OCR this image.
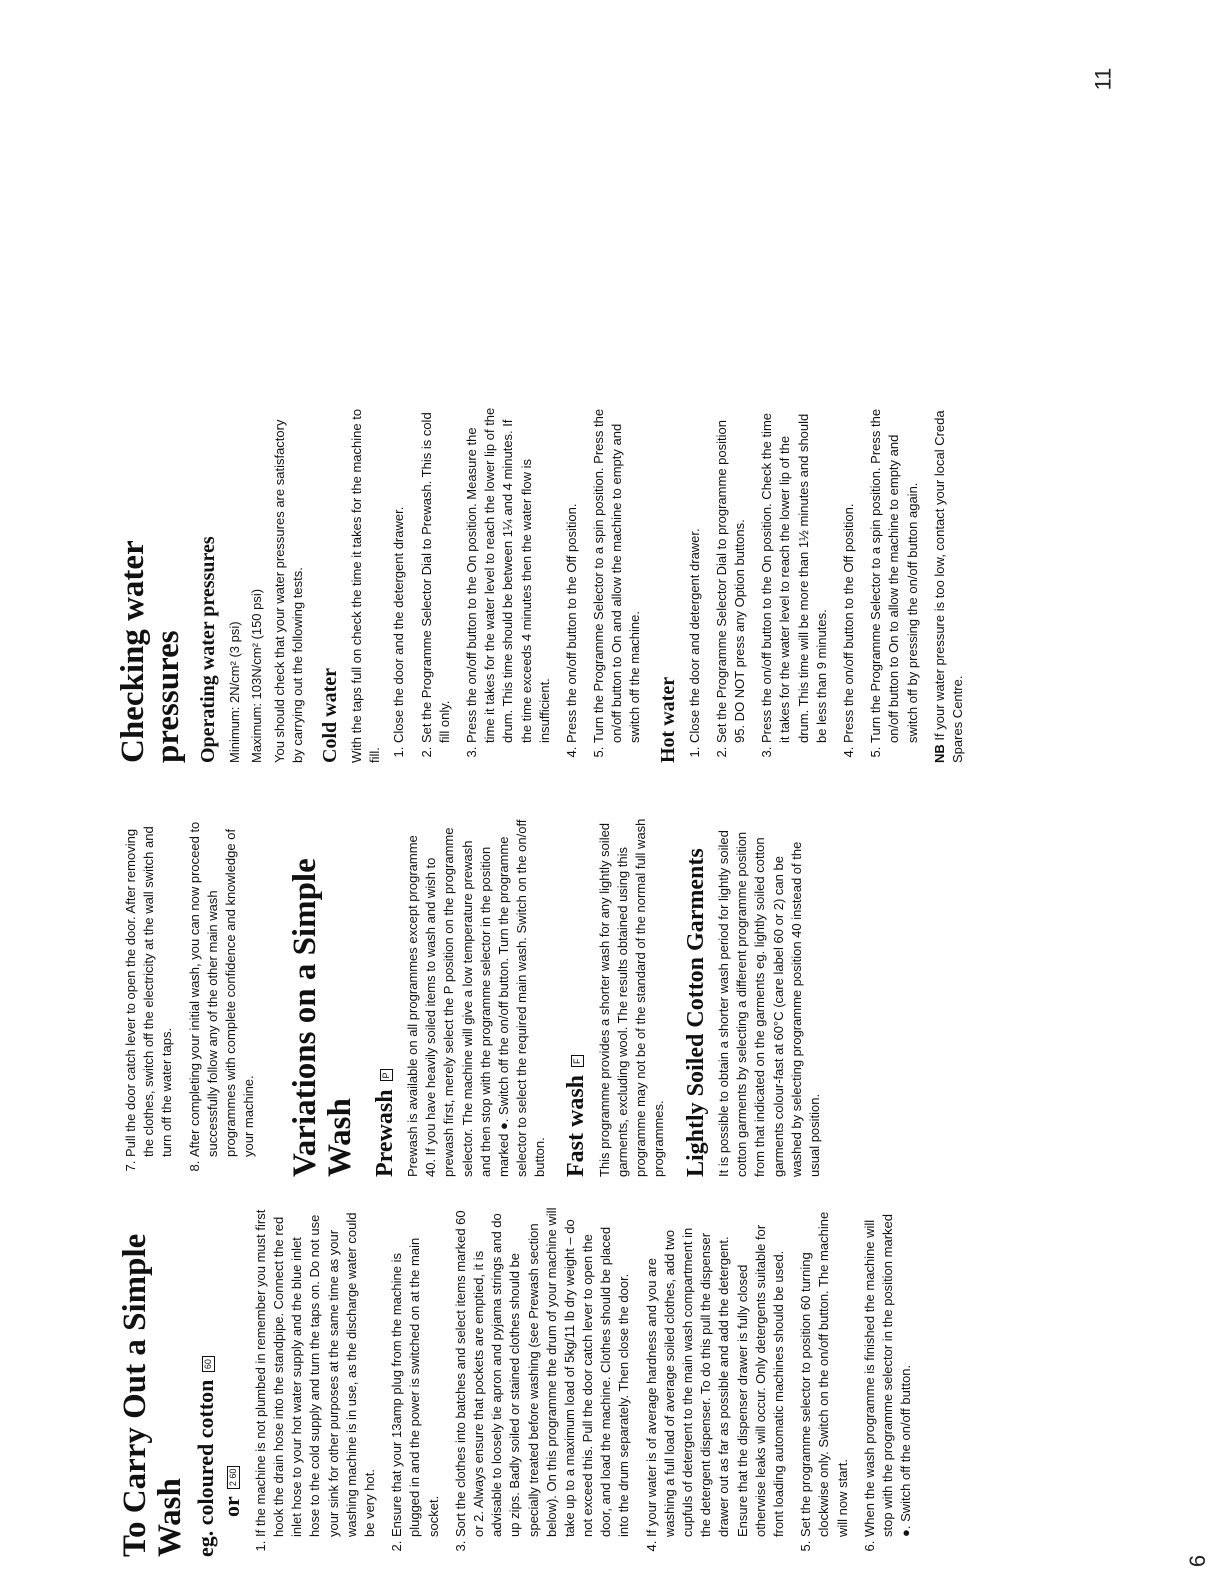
6
11
To Carry Out a Simple Wash eg. coloured cotton 60
or 2 60	1. If the machine is not plumbed in remember you must first hook the drain hose into the standpipe. Connect the red inlet hose to your hot water supply and the blue inlet hose to the cold supply and turn the taps on. Do not use your sink for other purposes at the same time as your washing machine is in use, as the discharge water could be very hot. 2. Ensure that your 13amp plug from the machine is plugged in and the power is switched on at the main socket. 3. Sort the clothes into batches and select items marked 60 or 2. Always ensure that pockets are emptied, it is advisable to loosely tie apron and pyjama strings and do up zips. Badly soiled or stained clothes should be specially treated before washing (see Prewash section below). On this programme the drum of your machine will take up to a maximum load of 5kg/11 lb dry weight – do not exceed this. Pull the door catch lever to open the door, and load the machine. Clothes should be placed into the drum separately. Then close the door. 4. If your water is of average hardness and you are washing a full load of average soiled clothes, add two cupfuls of detergent to the main wash compartment in the detergent dispenser. To do this pull the dispenser drawer out as far as possible and add the detergent. Ensure that the dispenser drawer is fully closed otherwise leaks will occur. Only detergents suitable for front loading automatic machines should be used. 5. Set the programme selector to position 60 turning clockwise only. Switch on the on/off button. The machine will now start. 6. When the wash programme is finished the machine will stop with the programme selector in the position marked ●. Switch off the on/off button.
7. Pull the door catch lever to open the door. After removing the clothes, switch off the electricity at the wall switch and turn off the water taps. 8. After completing your initial wash, you can now proceed to successfully follow any of the other main wash programmes with complete confidence and knowledge of your machine. Variations on a Simple Wash Prewash P	Prewash is available on all programmes except programme 40. If you have heavily soiled items to wash and wish to prewash first, merely select the P position on the programme selector. The machine will give a low temperature prewash and then stop with the programme selector in the position marked ●. Switch off the on/off button. Turn the programme selector to select the required main wash. Switch on the on/off button. Fast wash F	This programme provides a shorter wash for any lightly soiled garments, excluding wool. The results obtained using this programme may not be of the standard of the normal full wash programmes. Lightly Soiled Cotton Garments It is possible to obtain a shorter wash period for lightly soiled cotton garments by selecting a different programme position from that indicated on the garments eg. lightly soiled cotton garments colour-fast at 60°C (care label 60 or 2) can be washed by selecting programme position 40 instead of the usual position.

Checking water pressures Operating water pressures Minimum: 2N/cm² (3 psi) Maximum: 103N/cm² (150 psi) You should check that your water pressures are satisfactory by carrying out the following tests. Cold water With the taps full on check the time it takes for the machine to fill.

1. Close the door and the detergent drawer. 2. Set the Programme Selector Dial to Prewash. This is cold fill only. 3. Press the on/off button to the On position. Measure the time it takes for the water level to reach the lower lip of the drum. This time should be between 1¼ and 4 minutes. If the time exceeds 4 minutes then the water flow is insufficient. 4. Press the on/off button to the Off position. 5. Turn the Programme Selector to a spin position. Press the on/off button to On and allow the machine to empty and switch off the machine. Hot water 1. Close the door and detergent drawer. 2. Set the Programme Selector Dial to programme position 95. DO NOT press any Option buttons. 3. Press the on/off button to the On position. Check the time it takes for the water level to reach the lower lip of the drum. This time will be more than 1½ minutes and should be less than 9 minutes. 4. Press the on/off button to the Off position. 5. Turn the Programme Selector to a spin position. Press the on/off button to On to allow the machine to empty and switch off by pressing the on/off button again.

NB If your water pressure is too low, contact your local Creda Spares Centre.
